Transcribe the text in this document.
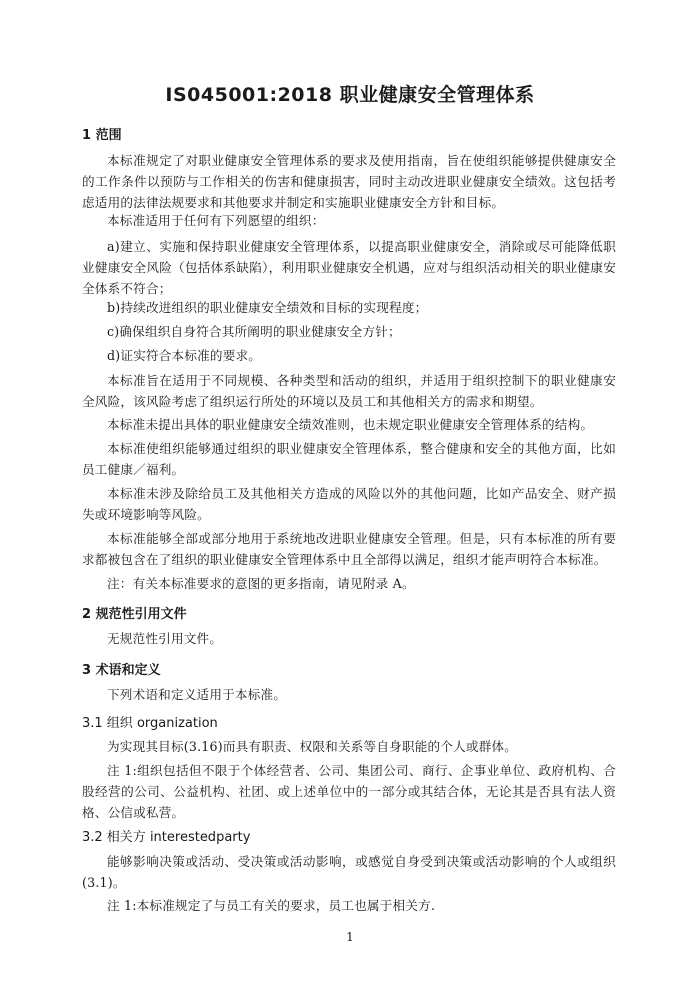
IS045001:2018 职业健康安全管理体系
1 范围
本标准规定了对职业健康安全管理体系的要求及使用指南，旨在使组织能够提供健康安全的工作条件以预防与工作相关的伤害和健康损害，同时主动改进职业健康安全绩效。这包括考虑适用的法律法规要求和其他要求并制定和实施职业健康安全方针和目标。
本标准适用于任何有下列愿望的组织：
a)建立、实施和保持职业健康安全管理体系，以提高职业健康安全，消除或尽可能降低职业健康安全风险（包括体系缺陷），利用职业健康安全机遇，应对与组织活动相关的职业健康安全体系不符合；
b)持续改进组织的职业健康安全绩效和目标的实现程度；
c)确保组织自身符合其所阐明的职业健康安全方针；
d)证实符合本标准的要求。
本标准旨在适用于不同规模、各种类型和活动的组织，并适用于组织控制下的职业健康安全风险，该风险考虑了组织运行所处的环境以及员工和其他相关方的需求和期望。
本标准未提出具体的职业健康安全绩效准则，也未规定职业健康安全管理体系的结构。
本标准使组织能够通过组织的职业健康安全管理体系，整合健康和安全的其他方面，比如员工健康／福利。
本标准未涉及除给员工及其他相关方造成的风险以外的其他问题，比如产品安全、财产损失或环境影响等风险。
本标准能够全部或部分地用于系统地改进职业健康安全管理。但是，只有本标准的所有要求都被包含在了组织的职业健康安全管理体系中且全部得以满足，组织才能声明符合本标准。
注：有关本标准要求的意图的更多指南，请见附录 A。
2 规范性引用文件
无规范性引用文件。
3 术语和定义
下列术语和定义适用于本标准。
3.1 组织 organization
为实现其目标(3.16)而具有职责、权限和关系等自身职能的个人或群体。
注 1:组织包括但不限于个体经营者、公司、集团公司、商行、企事业单位、政府机构、合股经营的公司、公益机构、社团、或上述单位中的一部分或其结合体，无论其是否具有法人资格、公信或私营。
3.2 相关方 interestedparty
能够影响决策或活动、受决策或活动影响，或感觉自身受到决策或活动影响的个人或组织(3.1)。
注 1:本标准规定了与员工有关的要求，员工也属于相关方.
1
